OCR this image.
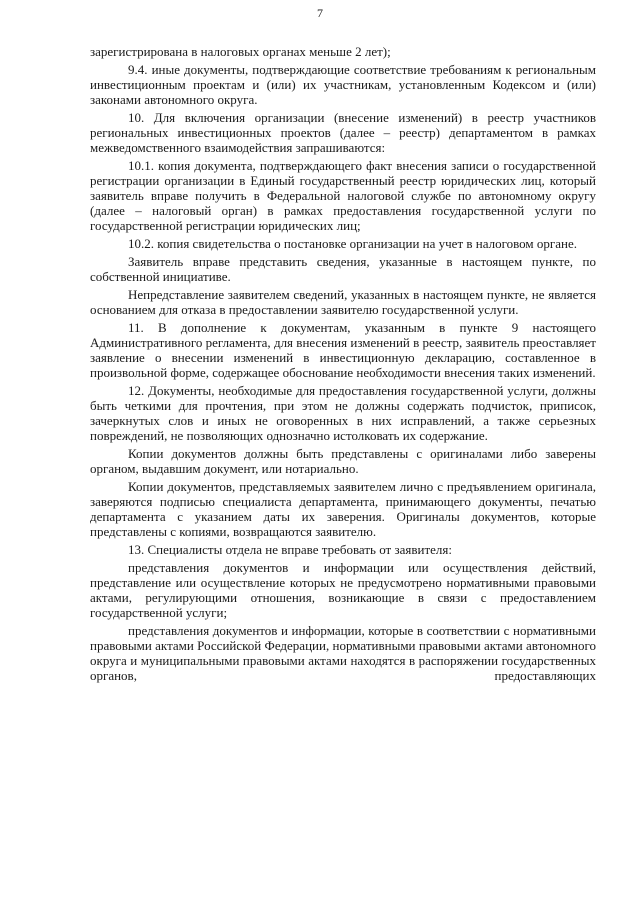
7

зарегистрирована в налоговых органах меньше 2 лет);

9.4. иные документы, подтверждающие соответствие требованиям к региональным инвестиционным проектам и (или) их участникам, установленным Кодексом и (или) законами автономного округа.

10. Для включения организации (внесение изменений) в реестр участников региональных инвестиционных проектов (далее – реестр) департаментом в рамках межведомственного взаимодействия запрашиваются:

10.1. копия документа, подтверждающего факт внесения записи о государственной регистрации организации в Единый государственный реестр юридических лиц, который заявитель вправе получить в Федеральной налоговой службе по автономному округу (далее – налоговый орган) в рамках предоставления государственной услуги по государственной регистрации юридических лиц;

10.2. копия свидетельства о постановке организации на учет в налоговом органе.

Заявитель вправе представить сведения, указанные в настоящем пункте, по собственной инициативе.

Непредставление заявителем сведений, указанных в настоящем пункте, не является основанием для отказа в предоставлении заявителю государственной услуги.

11. В дополнение к документам, указанным в пункте 9 настоящего Административного регламента, для внесения изменений в реестр, заявитель преоставляет заявление о внесении изменений в инвестиционную декларацию, составленное в произвольной форме, содержащее обоснование необходимости внесения таких изменений.

12. Документы, необходимые для предоставления государственной услуги, должны быть четкими для прочтения, при этом не должны содержать подчисток, приписок, зачеркнутых слов и иных не оговоренных в них исправлений, а также серьезных повреждений, не позволяющих однозначно истолковать их содержание.

Копии документов должны быть представлены с оригиналами либо заверены органом, выдавшим документ, или нотариально.

Копии документов, представляемых заявителем лично с предъявлением оригинала, заверяются подписью специалиста департамента, принимающего документы, печатью департамента с указанием даты их заверения. Оригиналы документов, которые представлены с копиями, возвращаются заявителю.

13. Специалисты отдела не вправе требовать от заявителя:

представления документов и информации или осуществления действий, представление или осуществление которых не предусмотрено нормативными правовыми актами, регулирующими отношения, возникающие в связи с предоставлением государственной услуги;

представления документов и информации, которые в соответствии с нормативными правовыми актами Российской Федерации, нормативными правовыми актами автономного округа и муниципальными правовыми актами находятся в распоряжении государственных органов, предоставляющих
